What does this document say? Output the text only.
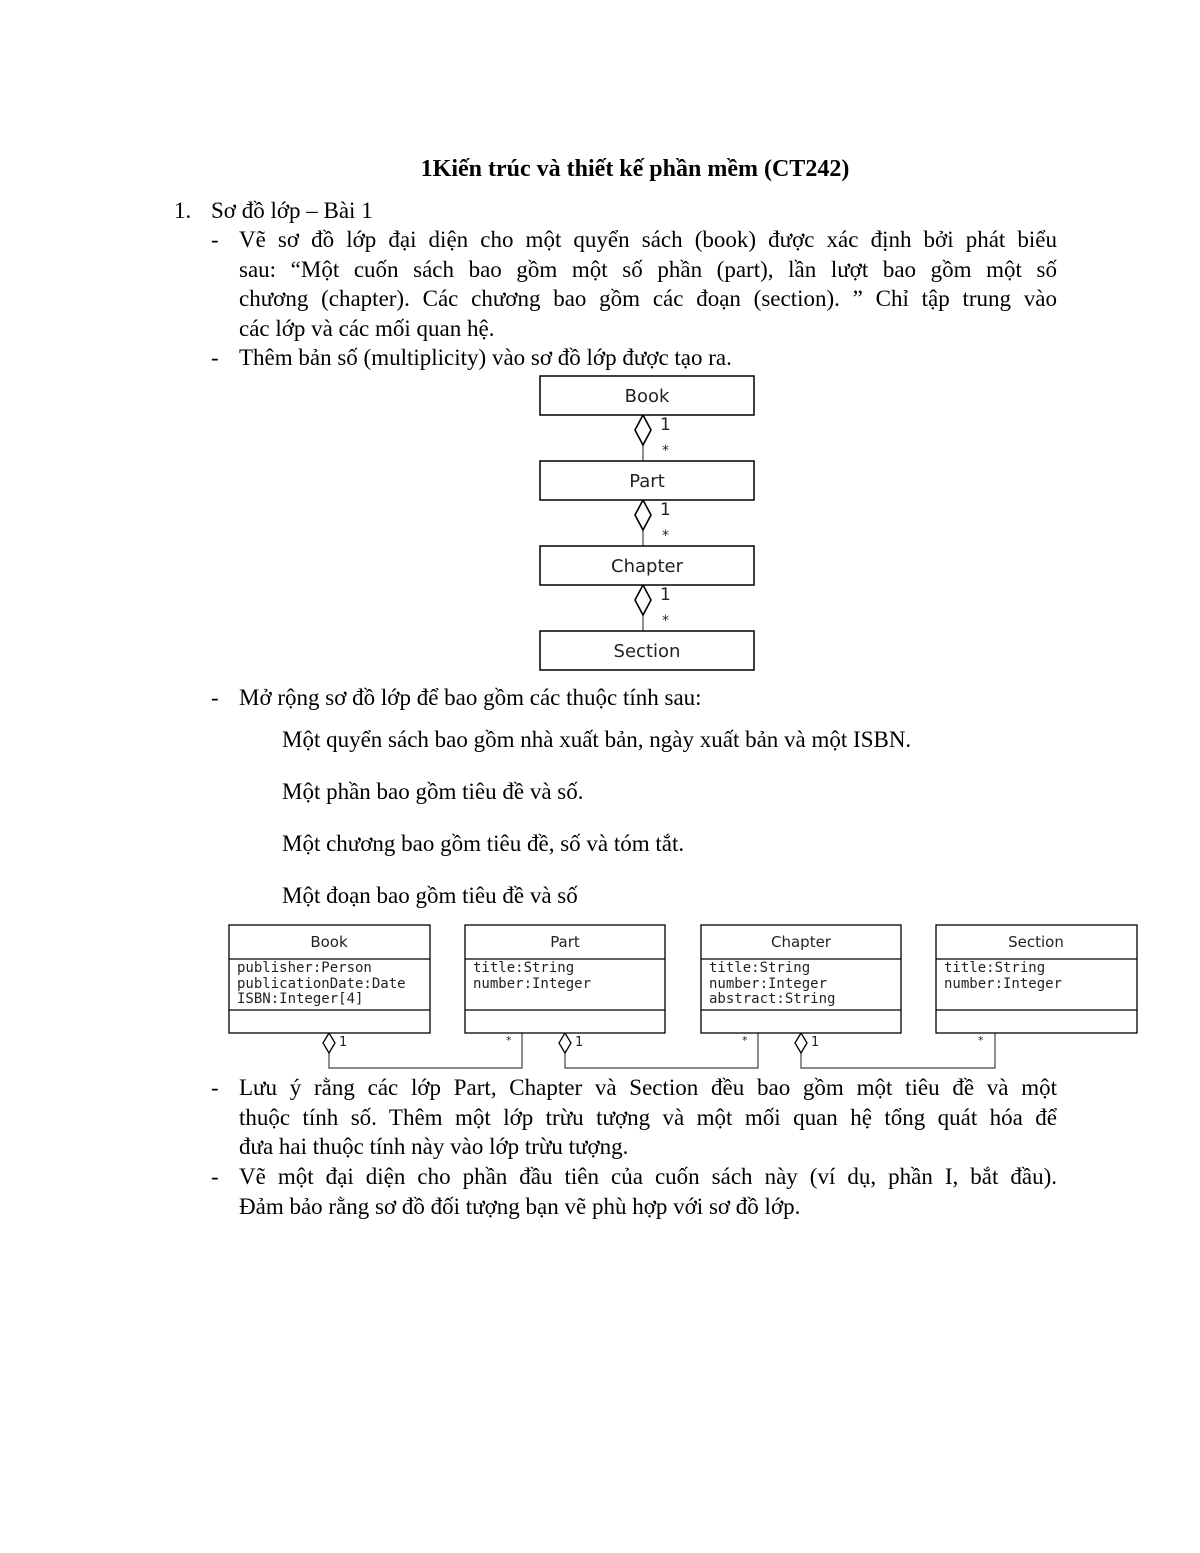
1Kiến trúc và thiết kế phần mềm (CT242)
1. Sơ đồ lớp – Bài 1
- Vẽ sơ đồ lớp đại diện cho một quyển sách (book) được xác định bởi phát biểu
sau: “Một cuốn sách bao gồm một số phần (part), lần lượt bao gồm một số
chương (chapter). Các chương bao gồm các đoạn (section). ” Chỉ tập trung vào
các lớp và các mối quan hệ.
- Thêm bản số (multiplicity) vào sơ đồ lớp được tạo ra.
1
*
1
*
1
*
Book
Part
Chapter
Section
1	*	1	*	1	*
Book
publisher:Person
publicationDate:Date
ISBN:Integer[4]
Part
title:String
number:Integer
Chapter
title:String
number:Integer
abstract:String
Section
title:String
number:Integer
- Mở rộng sơ đồ lớp để bao gồm các thuộc tính sau:
Một quyển sách bao gồm nhà xuất bản, ngày xuất bản và một ISBN.
Một phần bao gồm tiêu đề và số.
Một chương bao gồm tiêu đề, số và tóm tắt.
Một đoạn bao gồm tiêu đề và số
- Lưu ý rằng các lớp Part, Chapter và Section đều bao gồm một tiêu đề và một
thuộc tính số. Thêm một lớp trừu tượng và một mối quan hệ tổng quát hóa để
đưa hai thuộc tính này vào lớp trừu tượng.
- Vẽ một đại diện cho phần đầu tiên của cuốn sách này (ví dụ, phần I, bắt đầu).
Đảm bảo rằng sơ đồ đối tượng bạn vẽ phù hợp với sơ đồ lớp.
